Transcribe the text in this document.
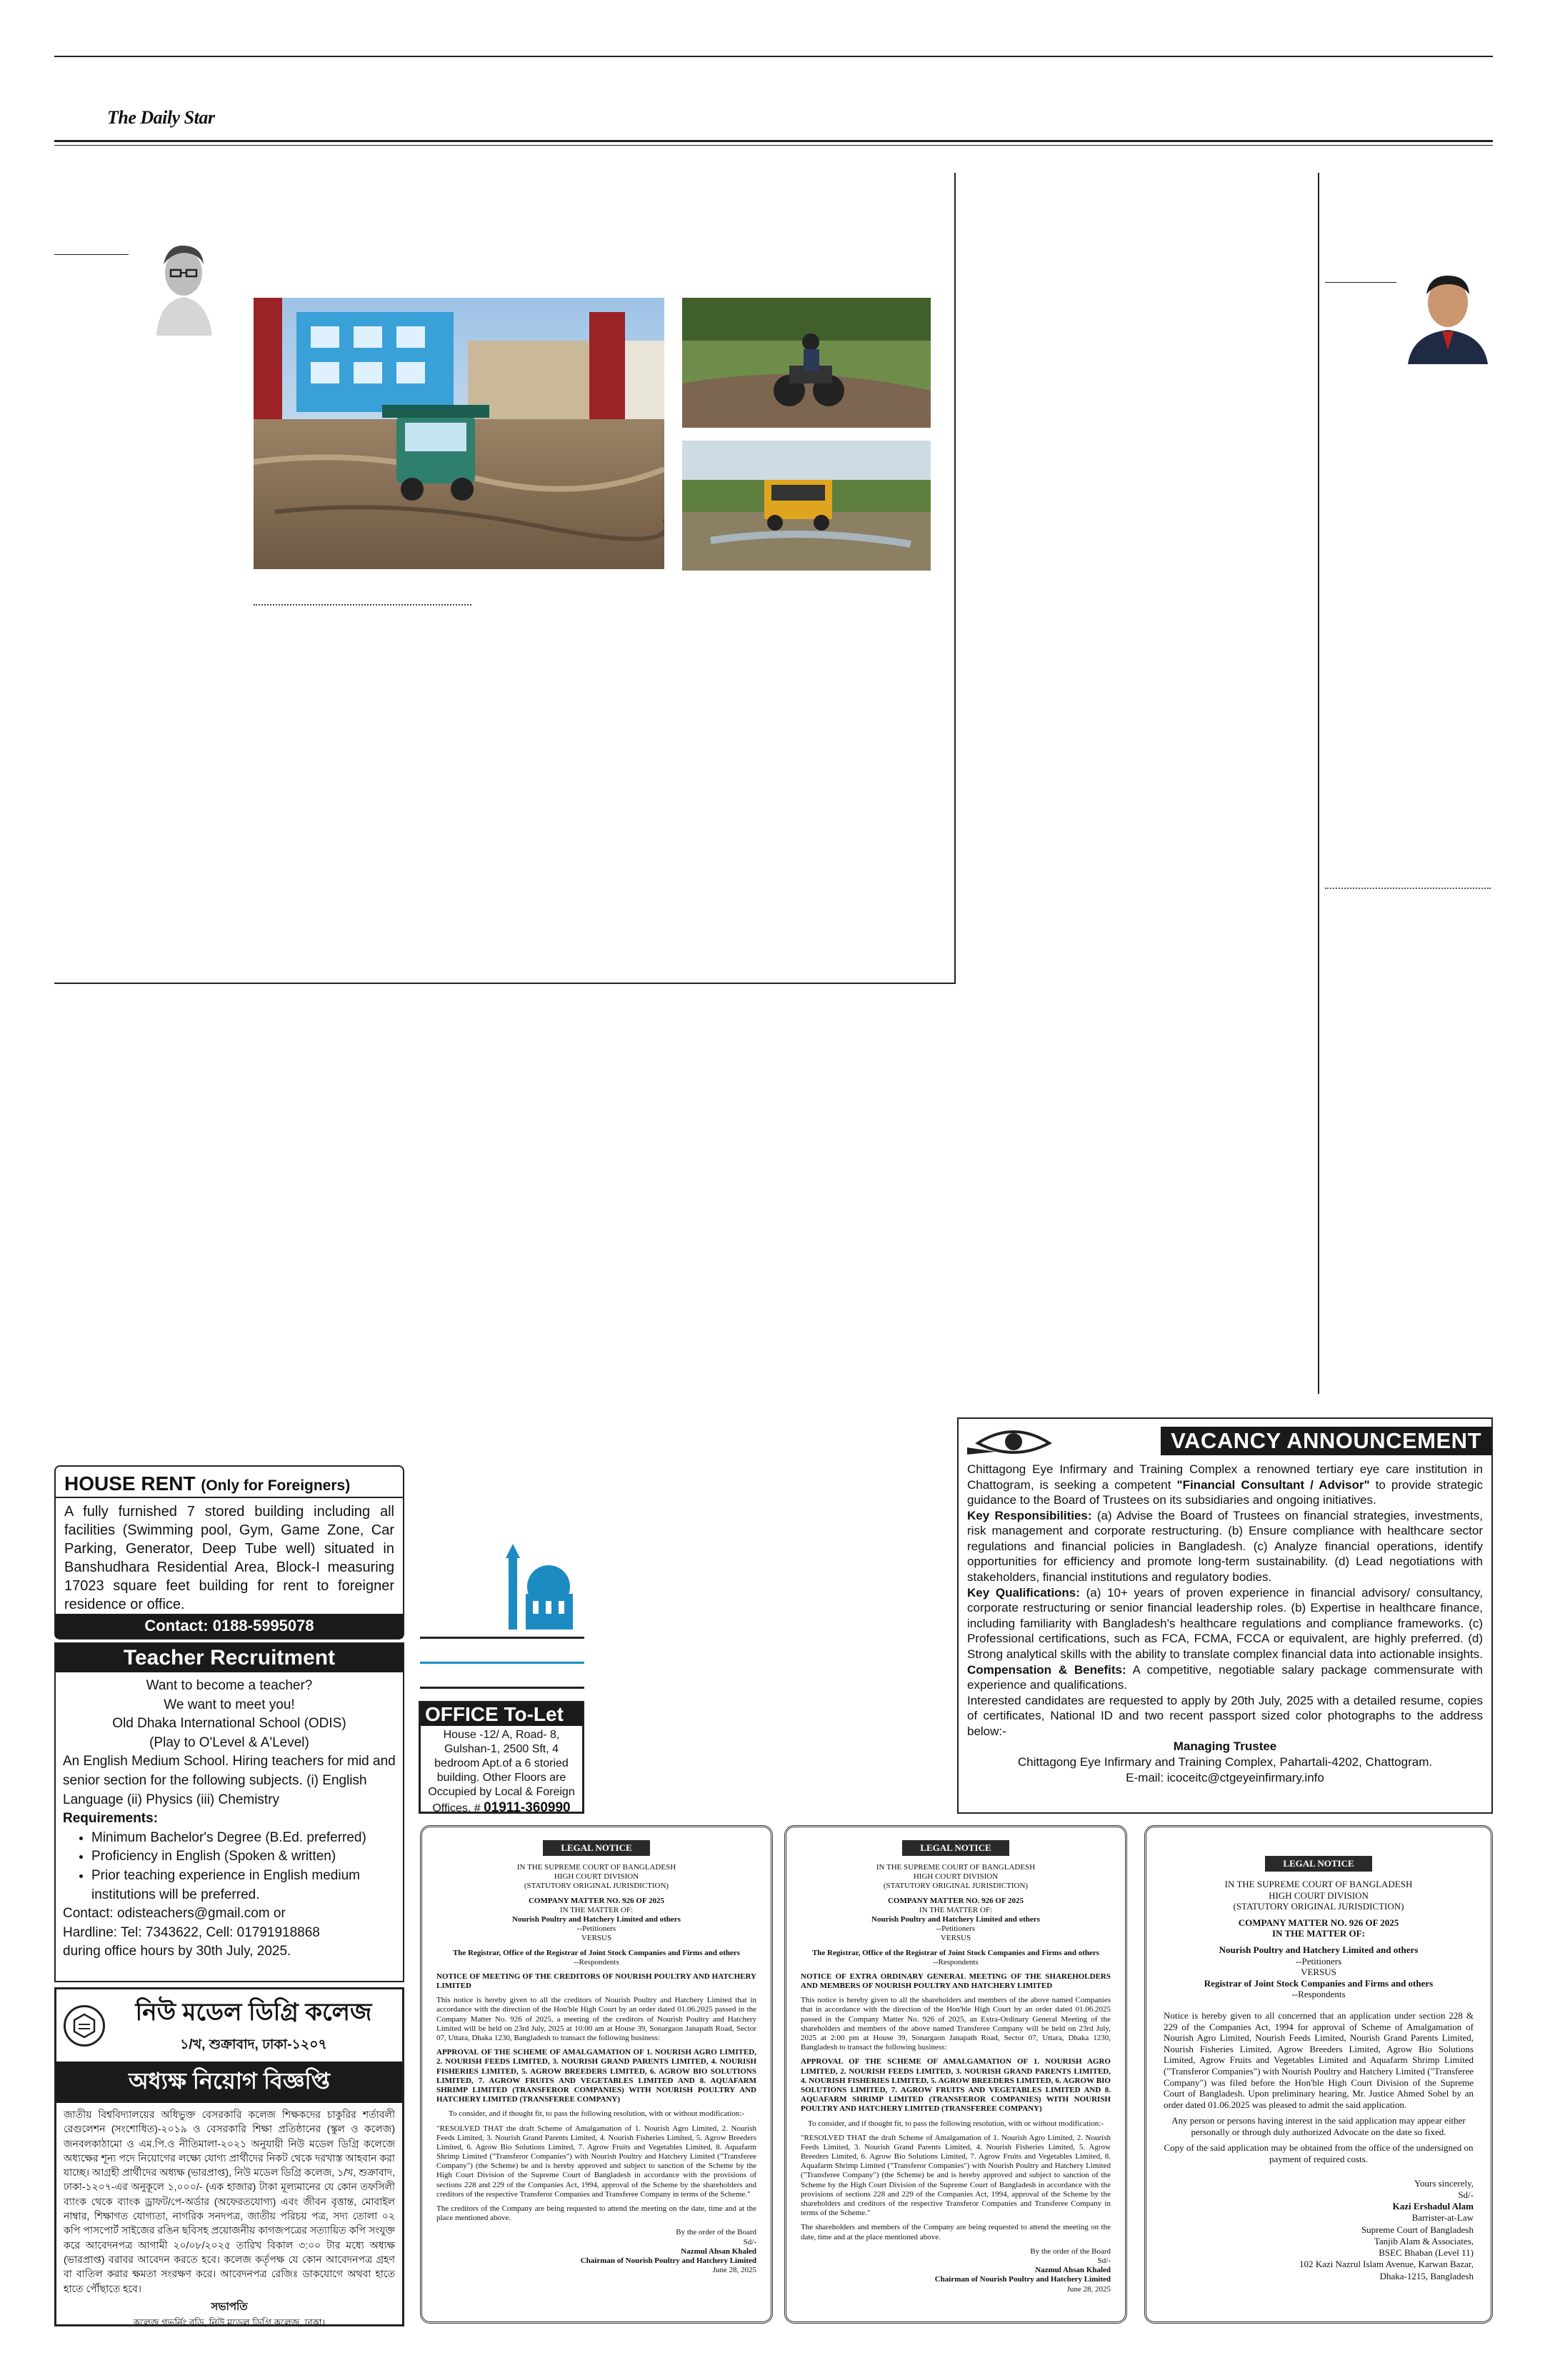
The Daily Star
HOUSE RENT (Only for Foreigners)

A fully furnished 7 stored building including all facilities (Swimming pool, Gym, Game Zone, Car Parking, Generator, Deep Tube well) situated in Banshudhara Residential Area, Block-I measuring 17023 square feet building for rent to foreigner residence or office.

Contact: 0188-5995078
Teacher Recruitment
Want to become a teacher?
We want to meet you!
Old Dhaka International School (ODIS)
(Play to O'Level & A'Level)
An English Medium School. Hiring teachers for mid and senior section for the following subjects. (i) English Language (ii) Physics (iii) Chemistry
Requirements:
• Minimum Bachelor's Degree (B.Ed. preferred)
• Proficiency in English (Spoken & written)
• Prior teaching experience in English medium institutions will be preferred.
Contact: odisteachers@gmail.com or
Hardline: Tel: 7343622, Cell: 01791918868
during office hours by 30th July, 2025.
নিউ মডেল ডিগ্রি কলেজ
১/খ, শুক্রাবাদ, ঢাকা-১২০৭
অধ্যক্ষ নিয়োগ বিজ্ঞপ্তি

জাতীয় বিশ্ববিদ্যালয়ের অধিভুক্ত বেসরকারি কলেজ শিক্ষকদের চাকুরির শর্তাবলী রেগুলেশন (সংশোধিত)-২০১৯ ও বেসরকারি শিক্ষা প্রতিষ্ঠানের (স্কুল ও কলেজ) জনবলকাঠামো ও এম.পি.ও নীতিমালা-২০২১ অনুযায়ী নিউ মডেল ডিগ্রি কলেজে অধ্যক্ষের শূন্য পদে নিয়োগের লক্ষ্যে যোগ্য প্রার্থীদের নিকট থেকে দরখাস্ত আহবান করা যাচ্ছে। আগ্রহী প্রার্থীদের অধ্যক্ষ (ভারপ্রাপ্ত), নিউ মডেল ডিগ্রি কলেজ, ১/খ, শুক্রাবাদ, ঢাকা-১২০৭-এর অনুকূলে ১,০০০/- (এক হাজার) টাকা মূল্যমানের যে কোন তফসিলী ব্যাংক থেকে ব্যাংক ড্রাফট/পে-অর্ডার (অফেরতযোগ্য) এবং জীবন বৃত্তান্ত, মোবাইল নাম্বার, শিক্ষাগত যোগ্যতা, নাগরিক সনদপত্র, জাতীয় পরিচয় পত্র, সদ্য তোলা ০২ কপি পাসপোর্ট সাইজের রঙিন ছবিসহ প্রয়োজনীয় কাগজপত্রের সত্যায়িত কপি সংযুক্ত করে আবেদনপত্র আগামী ২০/০৮/২০২৫ তারিখ বিকাল ৩:০০ টার মধ্যে অধ্যক্ষ (ভারপ্রাপ্ত) বরাবর আবেদন করতে হবে। কলেজ কর্তৃপক্ষ যে কোন আবেদনপত্র গ্রহণ বা বাতিল করার ক্ষমতা সংরক্ষণ করে। আবেদনপত্র রেজিঃ ডাকযোগে অথবা হাতে হাতে পৌঁছাতে হবে।

সভাপতি
কলেজ গভর্নিং বডি, নিউ মডেল ডিগ্রি কলেজ, ঢাকা।
OFFICE To-Let
House -12/ A, Road- 8, Gulshan-1, 2500 Sft, 4 bedroom Apt.of a 6 storied building. Other Floors are Occupied by Local & Foreign Offices. # 01911-360990
VACANCY ANNOUNCEMENT

Chittagong Eye Infirmary and Training Complex a renowned tertiary eye care institution in Chattogram, is seeking a competent "Financial Consultant / Advisor" to provide strategic guidance to the Board of Trustees on its subsidiaries and ongoing initiatives.

Key Responsibilities: (a) Advise the Board of Trustees on financial strategies, investments, risk management and corporate restructuring. (b) Ensure compliance with healthcare sector regulations and financial policies in Bangladesh. (c) Analyze financial operations, identify opportunities for efficiency and promote long-term sustainability. (d) Lead negotiations with stakeholders, financial institutions and regulatory bodies.

Key Qualifications: (a) 10+ years of proven experience in financial advisory/ consultancy, corporate restructuring or senior financial leadership roles. (b) Expertise in healthcare finance, including familiarity with Bangladesh's healthcare regulations and compliance frameworks. (c) Professional certifications, such as FCA, FCMA, FCCA or equivalent, are highly preferred. (d) Strong analytical skills with the ability to translate complex financial data into actionable insights.

Compensation & Benefits: A competitive, negotiable salary package commensurate with experience and qualifications.

Interested candidates are requested to apply by 20th July, 2025 with a detailed resume, copies of certificates, National ID and two recent passport sized color photographs to the address below:-

Managing Trustee

Chittagong Eye Infirmary and Training Complex, Pahartali-4202, Chattogram.

E-mail: icoceitc@ctgeyeinfirmary.info

LEGAL NOTICE

IN THE SUPREME COURT OF BANGLADESH

HIGH COURT DIVISION

(STATUTORY ORIGINAL JURISDICTION)

COMPANY MATTER NO. 926 OF 2025

IN THE MATTER OF:

Nourish Poultry and Hatchery Limited and others

--Petitioners

VERSUS

The Registrar, Office of the Registrar of Joint Stock Companies and Firms and others

--Respondents

NOTICE OF MEETING OF THE CREDITORS OF NOURISH POULTRY AND HATCHERY LIMITED

This notice is hereby given to all the creditors of Nourish Poultry and Hatchery Limited that in accordance with the direction of the Hon'ble High Court by an order dated 01.06.2025 passed in the Company Matter No. 926 of 2025, a meeting of the creditors of Nourish Poultry and Hatchery Limited will be held on 23rd July, 2025 at 10:00 am at House 39, Sonargaon Janapath Road, Sector 07, Uttara, Dhaka 1230, Bangladesh to transact the following business:

APPROVAL OF THE SCHEME OF AMALGAMATION OF 1. NOURISH AGRO LIMITED, 2. NOURISH FEEDS LIMITED, 3. NOURISH GRAND PARENTS LIMITED, 4. NOURISH FISHERIES LIMITED, 5. AGROW BREEDERS LIMITED, 6. AGROW BIO SOLUTIONS LIMITED, 7. AGROW FRUITS AND VEGETABLES LIMITED AND 8. AQUAFARM SHRIMP LIMITED (TRANSFEROR COMPANIES) WITH NOURISH POULTRY AND HATCHERY LIMITED (TRANSFEREE COMPANY)

To consider, and if thought fit, to pass the following resolution, with or without modification:-

"RESOLVED THAT the draft Scheme of Amalgamation of 1. Nourish Agro Limited, 2. Nourish Feeds Limited, 3. Nourish Grand Parents Limited, 4. Nourish Fisheries Limited, 5. Agrow Breeders Limited, 6. Agrow Bio Solutions Limited, 7. Agrow Fruits and Vegetables Limited, 8. Aquafarm Shrimp Limited ("Transferor Companies") with Nourish Poultry and Hatchery Limited ("Transferee Company") (the Scheme) be and is hereby approved and subject to sanction of the Scheme by the High Court Division of the Supreme Court of Bangladesh in accordance with the provisions of sections 228 and 229 of the Companies Act, 1994, approval of the Scheme by the shareholders and creditors of the respective Transferor Companies and Transferee Company in terms of the Scheme."

The creditors of the Company are being requested to attend the meeting on the date, time and at the place mentioned above.

By the order of the Board
Sd/-
Nazmul Ahsan Khaled
Chairman of Nourish Poultry and Hatchery Limited
June 28, 2025

LEGAL NOTICE

IN THE SUPREME COURT OF BANGLADESH

HIGH COURT DIVISION

(STATUTORY ORIGINAL JURISDICTION)

COMPANY MATTER NO. 926 OF 2025

IN THE MATTER OF:

Nourish Poultry and Hatchery Limited and others

--Petitioners

VERSUS

The Registrar, Office of the Registrar of Joint Stock Companies and Firms and others

--Respondents

NOTICE OF EXTRA ORDINARY GENERAL MEETING OF THE SHAREHOLDERS AND MEMBERS OF NOURISH POULTRY AND HATCHERY LIMITED

This notice is hereby given to all the shareholders and members of the above named Companies that in accordance with the direction of the Hon'ble High Court by an order dated 01.06.2025 passed in the Company Matter No. 926 of 2025, an Extra-Ordinary General Meeting of the shareholders and members of the above named Transferee Company will be held on 23rd July, 2025 at 2:00 pm at House 39, Sonargaon Janapath Road, Sector 07, Uttara, Dhaka 1230, Bangladesh to transact the following business:

APPROVAL OF THE SCHEME OF AMALGAMATION OF 1. NOURISH AGRO LIMITED, 2. NOURISH FEEDS LIMITED, 3. NOURISH GRAND PARENTS LIMITED, 4. NOURISH FISHERIES LIMITED, 5. AGROW BREEDERS LIMITED, 6. AGROW BIO SOLUTIONS LIMITED, 7. AGROW FRUITS AND VEGETABLES LIMITED AND 8. AQUAFARM SHRIMP LIMITED (TRANSFEROR COMPANIES) WITH NOURISH POULTRY AND HATCHERY LIMITED (TRANSFEREE COMPANY)

To consider, and if thought fit, to pass the following resolution, with or without modification:-

"RESOLVED THAT the draft Scheme of Amalgamation of 1. Nourish Agro Limited, 2. Nourish Feeds Limited, 3. Nourish Grand Parents Limited, 4. Nourish Fisheries Limited, 5. Agrow Breeders Limited, 6. Agrow Bio Solutions Limited, 7. Agrow Fruits and Vegetables Limited, 8. Aquafarm Shrimp Limited ("Transferor Companies") with Nourish Poultry and Hatchery Limited ("Transferee Company") (the Scheme) be and is hereby approved and subject to sanction of the Scheme by the High Court Division of the Supreme Court of Bangladesh in accordance with the provisions of sections 228 and 229 of the Companies Act, 1994, approval of the Scheme by the shareholders and creditors of the respective Transferor Companies and Transferee Company in terms of the Scheme."

The shareholders and members of the Company are being requested to attend the meeting on the date, time and at the place mentioned above.

By the order of the Board
Sd/-
Nazmul Ahsan Khaled
Chairman of Nourish Poultry and Hatchery Limited
June 28, 2025

LEGAL NOTICE

IN THE SUPREME COURT OF BANGLADESH

HIGH COURT DIVISION

(STATUTORY ORIGINAL JURISDICTION)

COMPANY MATTER NO. 926 OF 2025

IN THE MATTER OF:

Nourish Poultry and Hatchery Limited and others

--Petitioners

VERSUS

Registrar of Joint Stock Companies and Firms and others

--Respondents

Notice is hereby given to all concerned that an application under section 228 & 229 of the Companies Act, 1994 for approval of Scheme of Amalgamation of Nourish Agro Limited, Nourish Feeds Limited, Nourish Grand Parents Limited, Nourish Fisheries Limited, Agrow Breeders Limited, Agrow Bio Solutions Limited, Agrow Fruits and Vegetables Limited and Aquafarm Shrimp Limited ("Transferor Companies") with Nourish Poultry and Hatchery Limited ("Transferee Company") was filed before the Hon'ble High Court Division of the Supreme Court of Bangladesh. Upon preliminary hearing, Mr. Justice Ahmed Sohel by an order dated 01.06.2025 was pleased to admit the said application.

Any person or persons having interest in the said application may appear either personally or through duly authorized Advocate on the date so fixed.

Copy of the said application may be obtained from the office of the undersigned on payment of required costs.

Yours sincerely,
Sd/-
Kazi Ershadul Alam
Barrister-at-Law
Supreme Court of Bangladesh
Tanjib Alam & Associates,
BSEC Bhaban (Level 11)
102 Kazi Nazrul Islam Avenue, Karwan Bazar,
Dhaka-1215, Bangladesh
